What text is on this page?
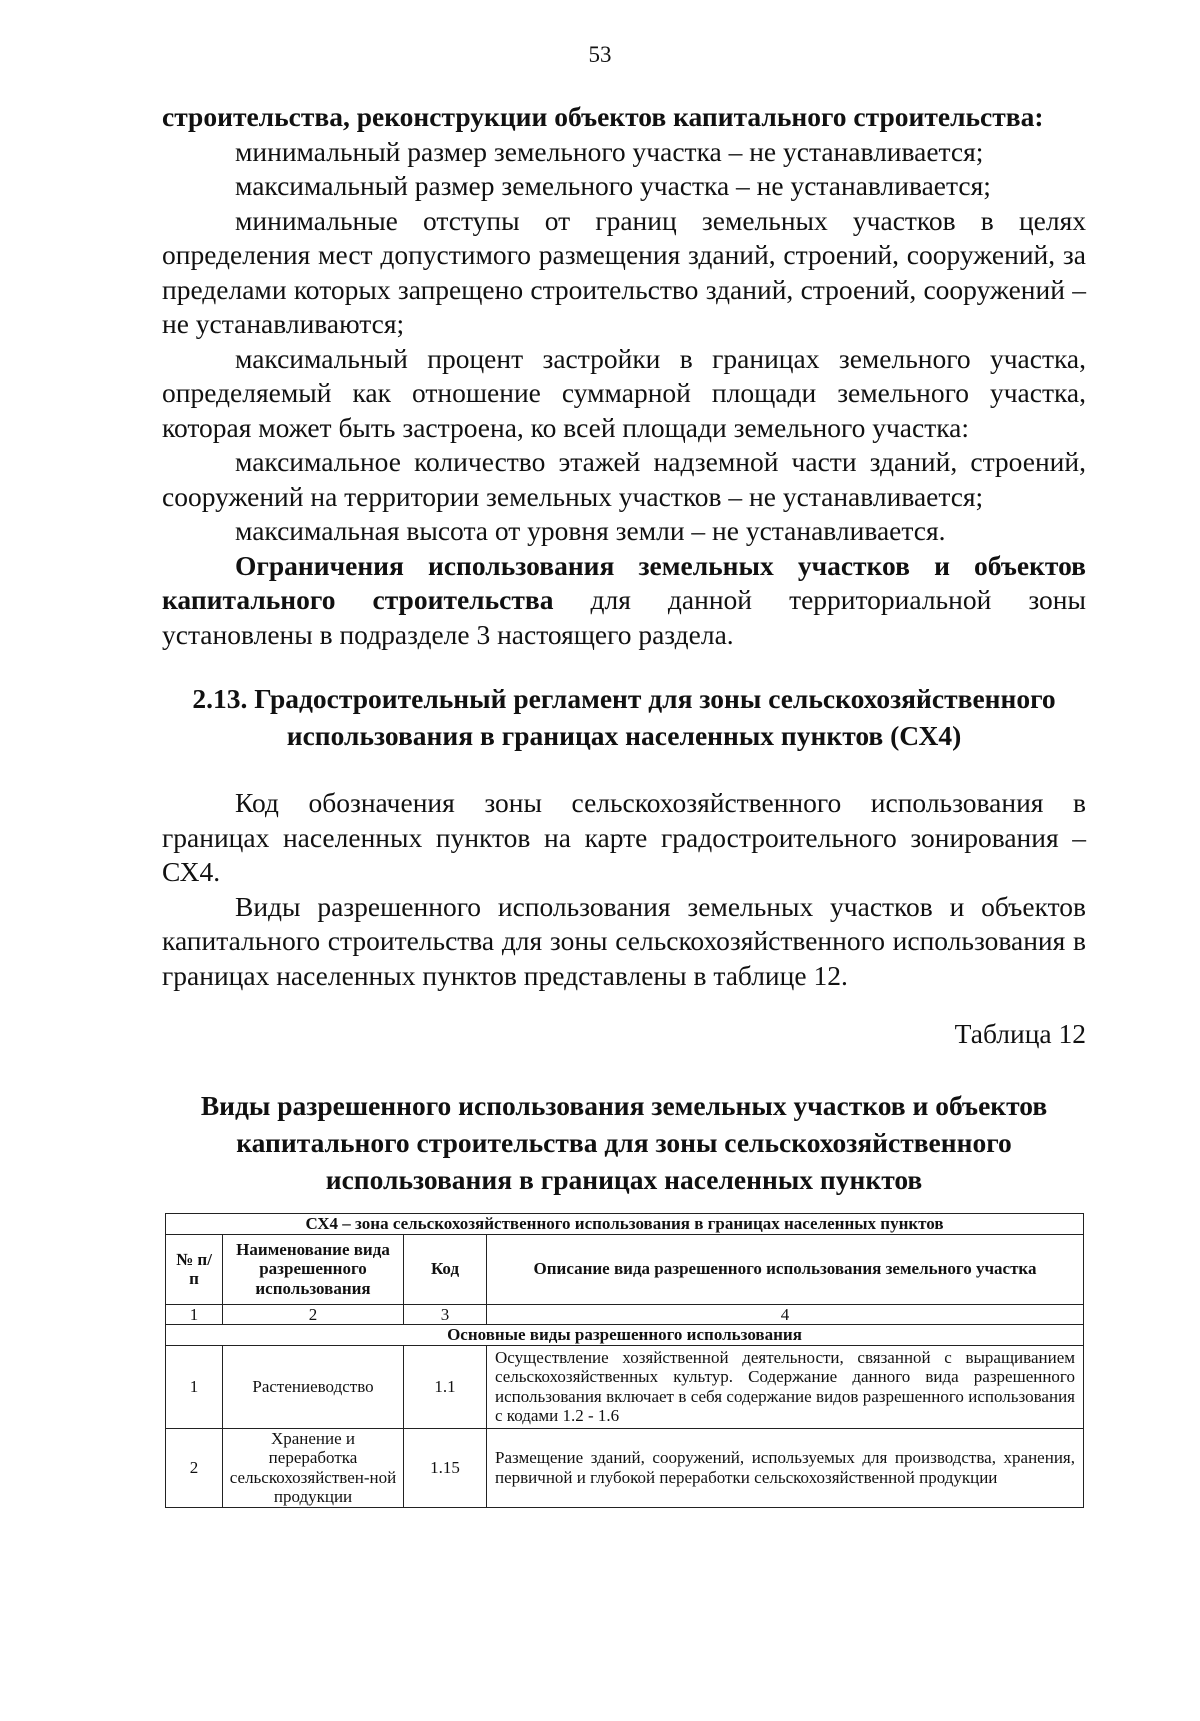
53

строительства, реконструкции объектов капитального строительства:

минимальный размер земельного участка – не устанавливается;

максимальный размер земельного участка – не устанавливается;

минимальные отступы от границ земельных участков в целях определения мест допустимого размещения зданий, строений, сооружений, за пределами которых запрещено строительство зданий, строений, сооружений – не устанавливаются;

максимальный процент застройки в границах земельного участка, определяемый как отношение суммарной площади земельного участка, которая может быть застроена, ко всей площади земельного участка:

максимальное количество этажей надземной части зданий, строений, сооружений на территории земельных участков – не устанавливается;

максимальная высота от уровня земли – не устанавливается.

Ограничения использования земельных участков и объектов капитального строительства для данной территориальной зоны установлены в подразделе 3 настоящего раздела.

2.13. Градостроительный регламент для зоны сельскохозяйственного
использования в границах населенных пунктов (СХ4)

Код обозначения зоны сельскохозяйственного использования в границах населенных пунктов на карте градостроительного зонирования – СХ4.

Виды разрешенного использования земельных участков и объектов капитального строительства для зоны сельскохозяйственного использования в границах населенных пунктов представлены в таблице 12.

Таблица 12
Виды разрешенного использования земельных участков и объектов
капитального строительства для зоны сельскохозяйственного
использования в границах населенных пунктов
СХ4 – зона сельскохозяйственного использования в границах населенных пунктов			
№ п/п	Наименование вида разрешенного использования	Код	Описание вида разрешенного использования земельного участка
1	2	3	4
Основные виды разрешенного использования			
1	Растениеводство	1.1	Осуществление хозяйственной деятельности, связанной с выращиванием сельскохозяйственных культур. Содержание данного вида разрешенного использования включает в себя содержание видов разрешенного использования с кодами 1.2 - 1.6
2	Хранение и переработка сельскохозяйствен-ной продукции	1.15	Размещение зданий, сооружений, используемых для производства, хранения, первичной и глубокой переработки сельскохозяйственной продукции
